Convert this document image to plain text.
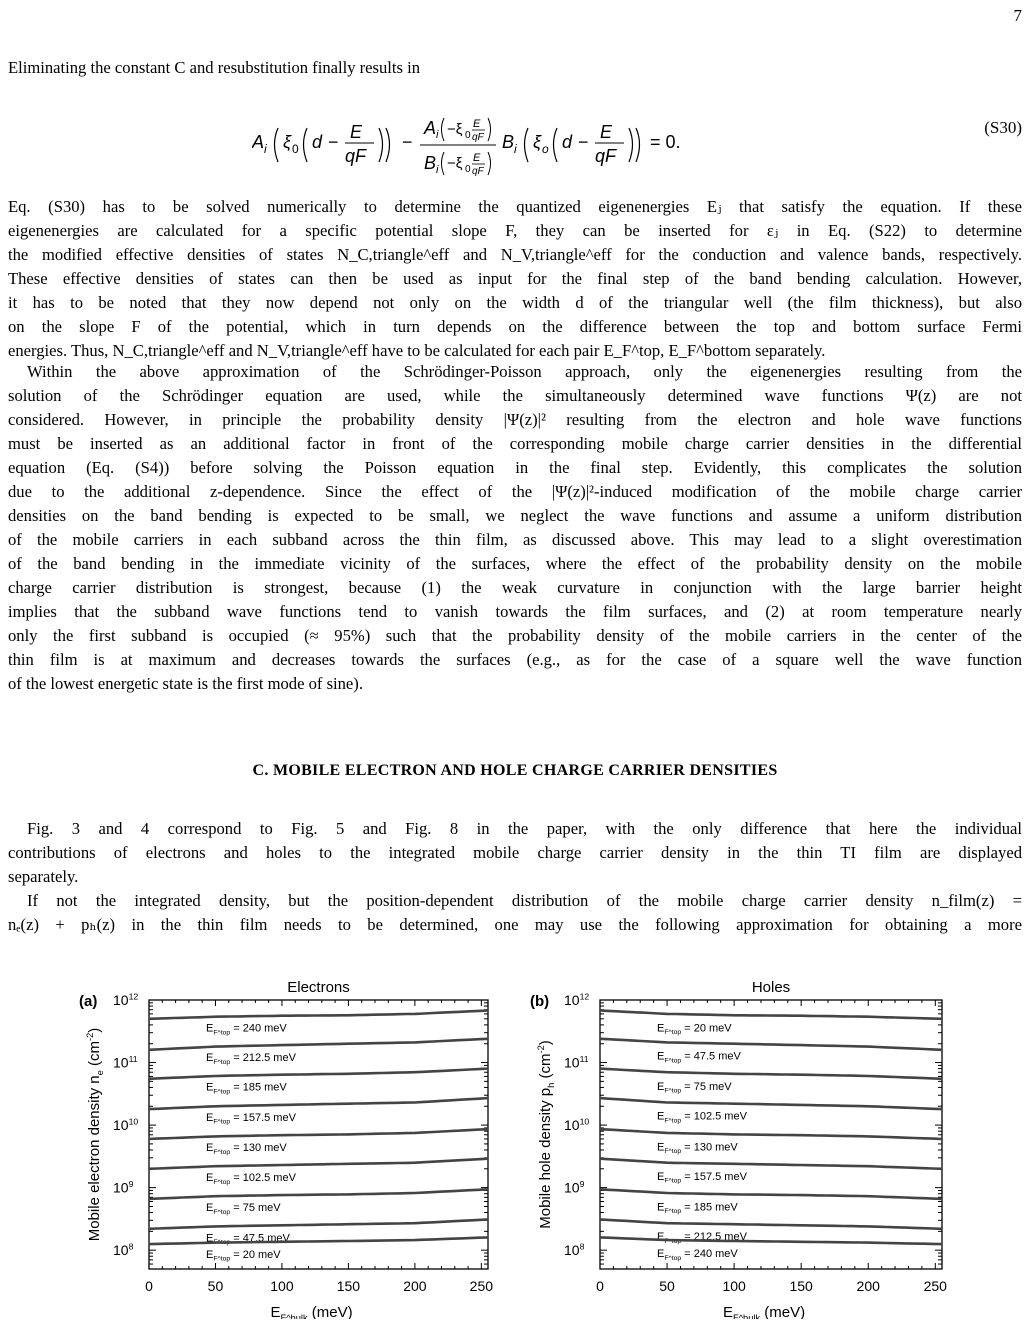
7

Eliminating the constant C and resubstitution finally results in

A i ξ 0 d − E
qF
−
A i −ξ 0
E
qF
B i −ξ 0
E
qF
B i ξ o d − E
qF
= 0.
(S30)
Eq. (S30) has to be solved numerically to determine the quantized eigenenergies Eⱼ that satisfy the equation. If these
eigenenergies are calculated for a specific potential slope F, they can be inserted for εⱼ in Eq. (S22) to determine
the modified effective densities of states N_C,triangle^eff and N_V,triangle^eff for the conduction and valence bands, respectively.
These effective densities of states can then be used as input for the final step of the band bending calculation. However,
it has to be noted that they now depend not only on the width d of the triangular well (the film thickness), but also
on the slope F of the potential, which in turn depends on the difference between the top and bottom surface Fermi
energies. Thus, N_C,triangle^eff and N_V,triangle^eff have to be calculated for each pair E_F^top, E_F^bottom separately.
Within the above approximation of the Schrödinger-Poisson approach, only the eigenenergies resulting from the
solution of the Schrödinger equation are used, while the simultaneously determined wave functions Ψ(z) are not
considered. However, in principle the probability density |Ψ(z)|² resulting from the electron and hole wave functions
must be inserted as an additional factor in front of the corresponding mobile charge carrier densities in the differential
equation (Eq. (S4)) before solving the Poisson equation in the final step. Evidently, this complicates the solution
due to the additional z-dependence. Since the effect of the |Ψ(z)|²-induced modification of the mobile charge carrier
densities on the band bending is expected to be small, we neglect the wave functions and assume a uniform distribution
of the mobile carriers in each subband across the thin film, as discussed above. This may lead to a slight overestimation
of the band bending in the immediate vicinity of the surfaces, where the effect of the probability density on the mobile
charge carrier distribution is strongest, because (1) the weak curvature in conjunction with the large barrier height
implies that the subband wave functions tend to vanish towards the film surfaces, and (2) at room temperature nearly
only the first subband is occupied (≈ 95%) such that the probability density of the mobile carriers in the center of the
thin film is at maximum and decreases towards the surfaces (e.g., as for the case of a square well the wave function
of the lowest energetic state is the first mode of sine).
C. MOBILE ELECTRON AND HOLE CHARGE CARRIER DENSITIES
Fig. 3 and 4 correspond to Fig. 5 and Fig. 8 in the paper, with the only difference that here the individual
contributions of electrons and holes to the integrated mobile charge carrier density in the thin TI film are displayed
separately.
If not the integrated density, but the position-dependent distribution of the mobile charge carrier density n_film(z) =
nₑ(z) + pₕ(z) in the thin film needs to be determined, one may use the following approximation for obtaining a more
Electrons
(a)
0	50	100	150	200	250
$10^8$
$10^9$
$10^{10}$
$10^{11}$
$10^{12}$
$E_{F\^{}bulk}$ (meV)
Mobile electron density $n_e$ $(cm^{-2})$	$E_{F\^{}top} = 240$ meV
$E_{F\^{}top} = 212.5$ meV
$E_{F\^{}top} = 185$ meV
$E_{F\^{}top} = 157.5$ meV
$E_{F\^{}top} = 130$ meV
$E_{F\^{}top} = 102.5$ meV
$E_{F\^{}top} = 75$ meV
$E_{F\^{}top} = 47.5$ meV
$E_{F\^{}top} = 20$ meV
Holes
(b)
0	50	100	150	200	250
$10^8$
$10^9$
$10^{10}$
$10^{11}$
$10^{12}$
$E_{F\^{}bulk}$ (meV)
Mobile hole density $p_h$ $(cm^{-2})$
$E_{F\^{}top} = 20$ meV
$E_{F\^{}top} = 47.5$ meV
$E_{F\^{}top} = 75$ meV
$E_{F\^{}top} = 102.5$ meV
$E_{F\^{}top} = 130$ meV
$E_{F\^{}top} = 157.5$ meV
$E_{F\^{}top} = 185$ meV
$E_{F\^{}top} = 212.5$ meV
$E_{F\^{}top} = 240$ meV
